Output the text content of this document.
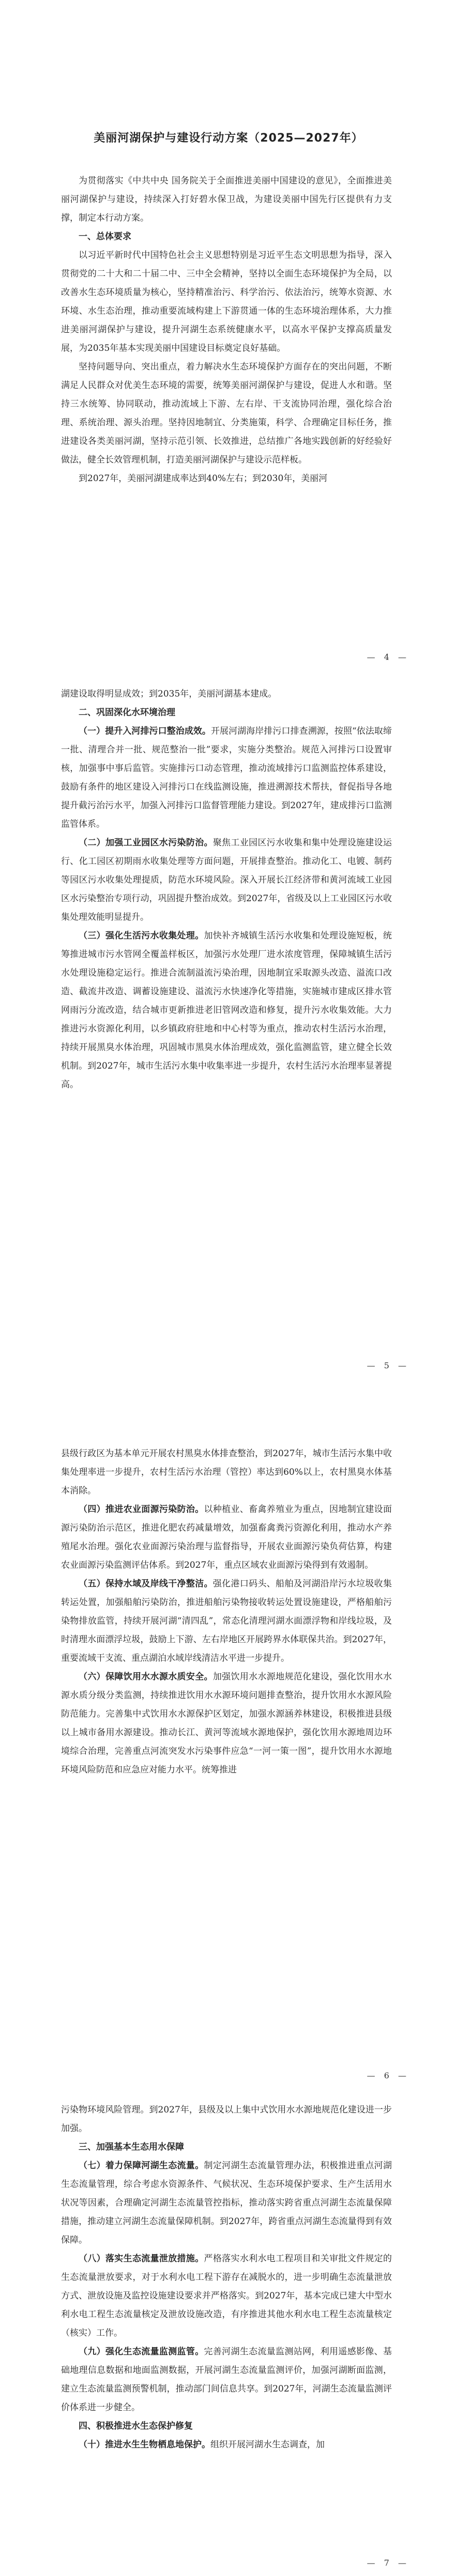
美丽河湖保护与建设行动方案（2025—2027年）

为贯彻落实《中共中央 国务院关于全面推进美丽中国建设的意见》，全面推进美丽河湖保护与建设，持续深入打好碧水保卫战，为建设美丽中国先行区提供有力支撑，制定本行动方案。

一、总体要求

以习近平新时代中国特色社会主义思想特别是习近平生态文明思想为指导，深入贯彻党的二十大和二十届二中、三中全会精神，坚持以全面生态环境保护为全局，以改善水生态环境质量为核心，坚持精准治污、科学治污、依法治污，统筹水资源、水环境、水生态治理，推动重要流域构建上下游贯通一体的生态环境治理体系，大力推进美丽河湖保护与建设，提升河湖生态系统健康水平，以高水平保护支撑高质量发展，为2035年基本实现美丽中国建设目标奠定良好基础。

坚持问题导向、突出重点，着力解决水生态环境保护方面存在的突出问题，不断满足人民群众对优美生态环境的需要，统筹美丽河湖保护与建设，促进人水和谐。坚持三水统筹、协同联动，推动流域上下游、左右岸、干支流协同治理，强化综合治理、系统治理、源头治理。坚持因地制宜、分类施策，科学、合理确定目标任务，推进建设各类美丽河湖，坚持示范引领、长效推进，总结推广各地实践创新的好经验好做法，健全长效管理机制，打造美丽河湖保护与建设示范样板。

到2027年，美丽河湖建成率达到40%左右；到2030年，美丽河

— 4 —

湖建设取得明显成效；到2035年，美丽河湖基本建成。

二、巩固深化水环境治理

（一）提升入河排污口整治成效。开展河湖海岸排污口排查溯源，按照“依法取缔一批、清理合并一批、规范整治一批”要求，实施分类整治。规范入河排污口设置审核，加强事中事后监管。实施排污口动态管理，推动流域排污口监测监控体系建设，鼓励有条件的地区建设入河排污口在线监测设施，推进溯源技术帮扶，督促指导各地提升截污治污水平，加强入河排污口监督管理能力建设。到2027年，建成排污口监测监管体系。

（二）加强工业园区水污染防治。聚焦工业园区污水收集和集中处理设施建设运行、化工园区初期雨水收集处理等方面问题，开展排查整治。推动化工、电镀、制药等园区污水收集处理提质，防范水环境风险。深入开展长江经济带和黄河流域工业园区水污染整治专项行动，巩固提升整治成效。到2027年，省级及以上工业园区污水收集处理效能明显提升。

（三）强化生活污水收集处理。加快补齐城镇生活污水收集和处理设施短板，统筹推进城市污水管网全覆盖样板区，加强污水处理厂进水浓度管理，保障城镇生活污水处理设施稳定运行。推进合流制溢流污染治理，因地制宜采取源头改造、溢流口改造、截流井改造、调蓄设施建设、溢流污水快速净化等措施，实施城市建成区排水管网雨污分流改造，结合城市更新推进老旧管网改造和修复，提升污水收集效能。大力推进污水资源化利用，以乡镇政府驻地和中心村等为重点，推动农村生活污水治理，持续开展黑臭水体治理，巩固城市黑臭水体治理成效，强化监测监管，建立健全长效机制。到2027年，城市生活污水集中收集率进一步提升，农村生活污水治理率显著提高。

— 5 —

县级行政区为基本单元开展农村黑臭水体排查整治，到2027年，城市生活污水集中收集处理率进一步提升，农村生活污水治理（管控）率达到60%以上，农村黑臭水体基本消除。

（四）推进农业面源污染防治。以种植业、畜禽养殖业为重点，因地制宜建设面源污染防治示范区，推进化肥农药减量增效，加强畜禽粪污资源化利用，推动水产养殖尾水治理。强化农业面源污染治理与监督指导，开展农业面源污染负荷估算，构建农业面源污染监测评估体系。到2027年，重点区域农业面源污染得到有效遏制。

（五）保持水域及岸线干净整洁。强化港口码头、船舶及河湖沿岸污水垃圾收集转运处置，加强船舶污染防治，推进船舶污染物接收转运处置设施建设，严格船舶污染物排放监管，持续开展河湖“清四乱”，常态化清理河湖水面漂浮物和岸线垃圾，及时清理水面漂浮垃圾，鼓励上下游、左右岸地区开展跨界水体联保共治。到2027年，重要流域干支流、重点湖泊水域岸线清洁水平进一步提升。

（六）保障饮用水水源水质安全。加强饮用水水源地规范化建设，强化饮用水水源水质分级分类监测，持续推进饮用水水源环境问题排查整治，提升饮用水水源风险防范能力。完善集中式饮用水水源保护区划定，加强水源涵养林建设，积极推进县级以上城市备用水源建设。推动长江、黄河等流域水源地保护，强化饮用水源地周边环境综合治理，完善重点河流突发水污染事件应急“一河一策一图”，提升饮用水水源地环境风险防范和应急应对能力水平。统筹推进

— 6 —

污染物环境风险管理。到2027年，县级及以上集中式饮用水水源地规范化建设进一步加强。

三、加强基本生态用水保障

（七）着力保障河湖生态流量。制定河湖生态流量管理办法，积极推进重点河湖生态流量管理，综合考虑水资源条件、气候状况、生态环境保护要求、生产生活用水状况等因素，合理确定河湖生态流量管控指标，推动落实跨省重点河湖生态流量保障措施，推动建立河湖生态流量保障机制。到2027年，跨省重点河湖生态流量得到有效保障。

（八）落实生态流量泄放措施。严格落实水利水电工程项目和关审批文件规定的生态流量泄放要求，对于水利水电工程下游存在减脱水的，进一步明确生态流量泄放方式、泄放设施及监控设施建设要求并严格落实。到2027年，基本完成已建大中型水利水电工程生态流量核定及泄放设施改造，有序推进其他水利水电工程生态流量核定（核实）工作。

（九）强化生态流量监测监管。完善河湖生态流量监测站网，利用遥感影像、基础地理信息数据和地面监测数据，开展河湖生态流量监测评价，加强河湖断面监测，建立生态流量监测预警机制，推动部门间信息共享。到2027年，河湖生态流量监测评价体系进一步健全。

四、积极推进水生态保护修复

（十）推进水生生物栖息地保护。组织开展河湖水生态调查，加

— 7 —
